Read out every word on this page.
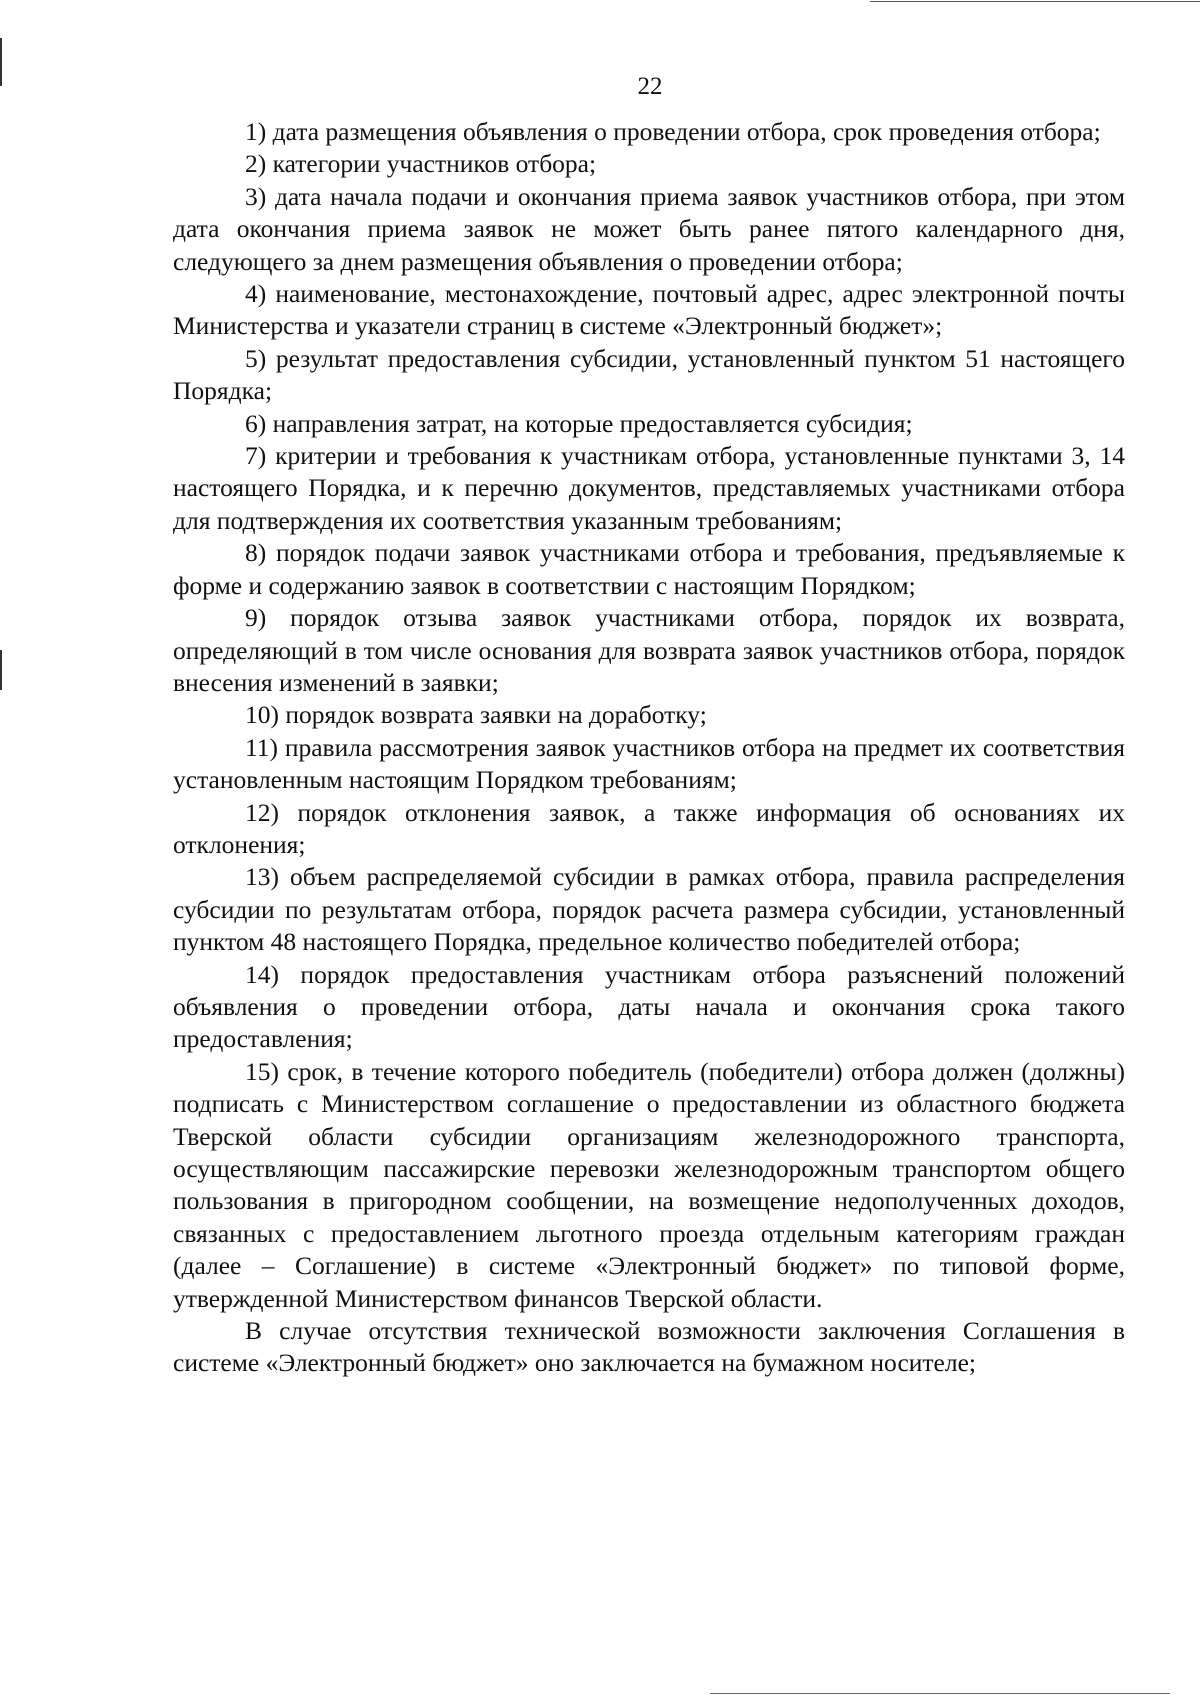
22

1) дата размещения объявления о проведении отбора, срок проведения отбора;

2) категории участников отбора;

3) дата начала подачи и окончания приема заявок участников отбора, при этом дата окончания приема заявок не может быть ранее пятого календарного дня, следующего за днем размещения объявления о проведении отбора;

4) наименование, местонахождение, почтовый адрес, адрес электронной почты Министерства и указатели страниц в системе «Электронный бюджет»;

5) результат предоставления субсидии, установленный пунктом 51 настоящего Порядка;

6) направления затрат, на которые предоставляется субсидия;

7) критерии и требования к участникам отбора, установленные пунктами 3, 14 настоящего Порядка, и к перечню документов, представляемых участниками отбора для подтверждения их соответствия указанным требованиям;

8) порядок подачи заявок участниками отбора и требования, предъявляемые к форме и содержанию заявок в соответствии с настоящим Порядком;

9) порядок отзыва заявок участниками отбора, порядок их возврата, определяющий в том числе основания для возврата заявок участников отбора, порядок внесения изменений в заявки;

10) порядок возврата заявки на доработку;

11) правила рассмотрения заявок участников отбора на предмет их соответствия установленным настоящим Порядком требованиям;

12) порядок отклонения заявок, а также информация об основаниях их отклонения;

13) объем распределяемой субсидии в рамках отбора, правила распределения субсидии по результатам отбора, порядок расчета размера субсидии, установленный пунктом 48 настоящего Порядка, предельное количество победителей отбора;

14) порядок предоставления участникам отбора разъяснений положений объявления о проведении отбора, даты начала и окончания срока такого предоставления;

15) срок, в течение которого победитель (победители) отбора должен (должны) подписать с Министерством соглашение о предоставлении из областного бюджета Тверской области субсидии организациям железнодорожного транспорта, осуществляющим пассажирские перевозки железнодорожным транспортом общего пользования в пригородном сообщении, на возмещение недополученных доходов, связанных с предоставлением льготного проезда отдельным категориям граждан (далее – Соглашение) в системе «Электронный бюджет» по типовой форме, утвержденной Министерством финансов Тверской области.

В случае отсутствия технической возможности заключения Соглашения в системе «Электронный бюджет» оно заключается на бумажном носителе;
